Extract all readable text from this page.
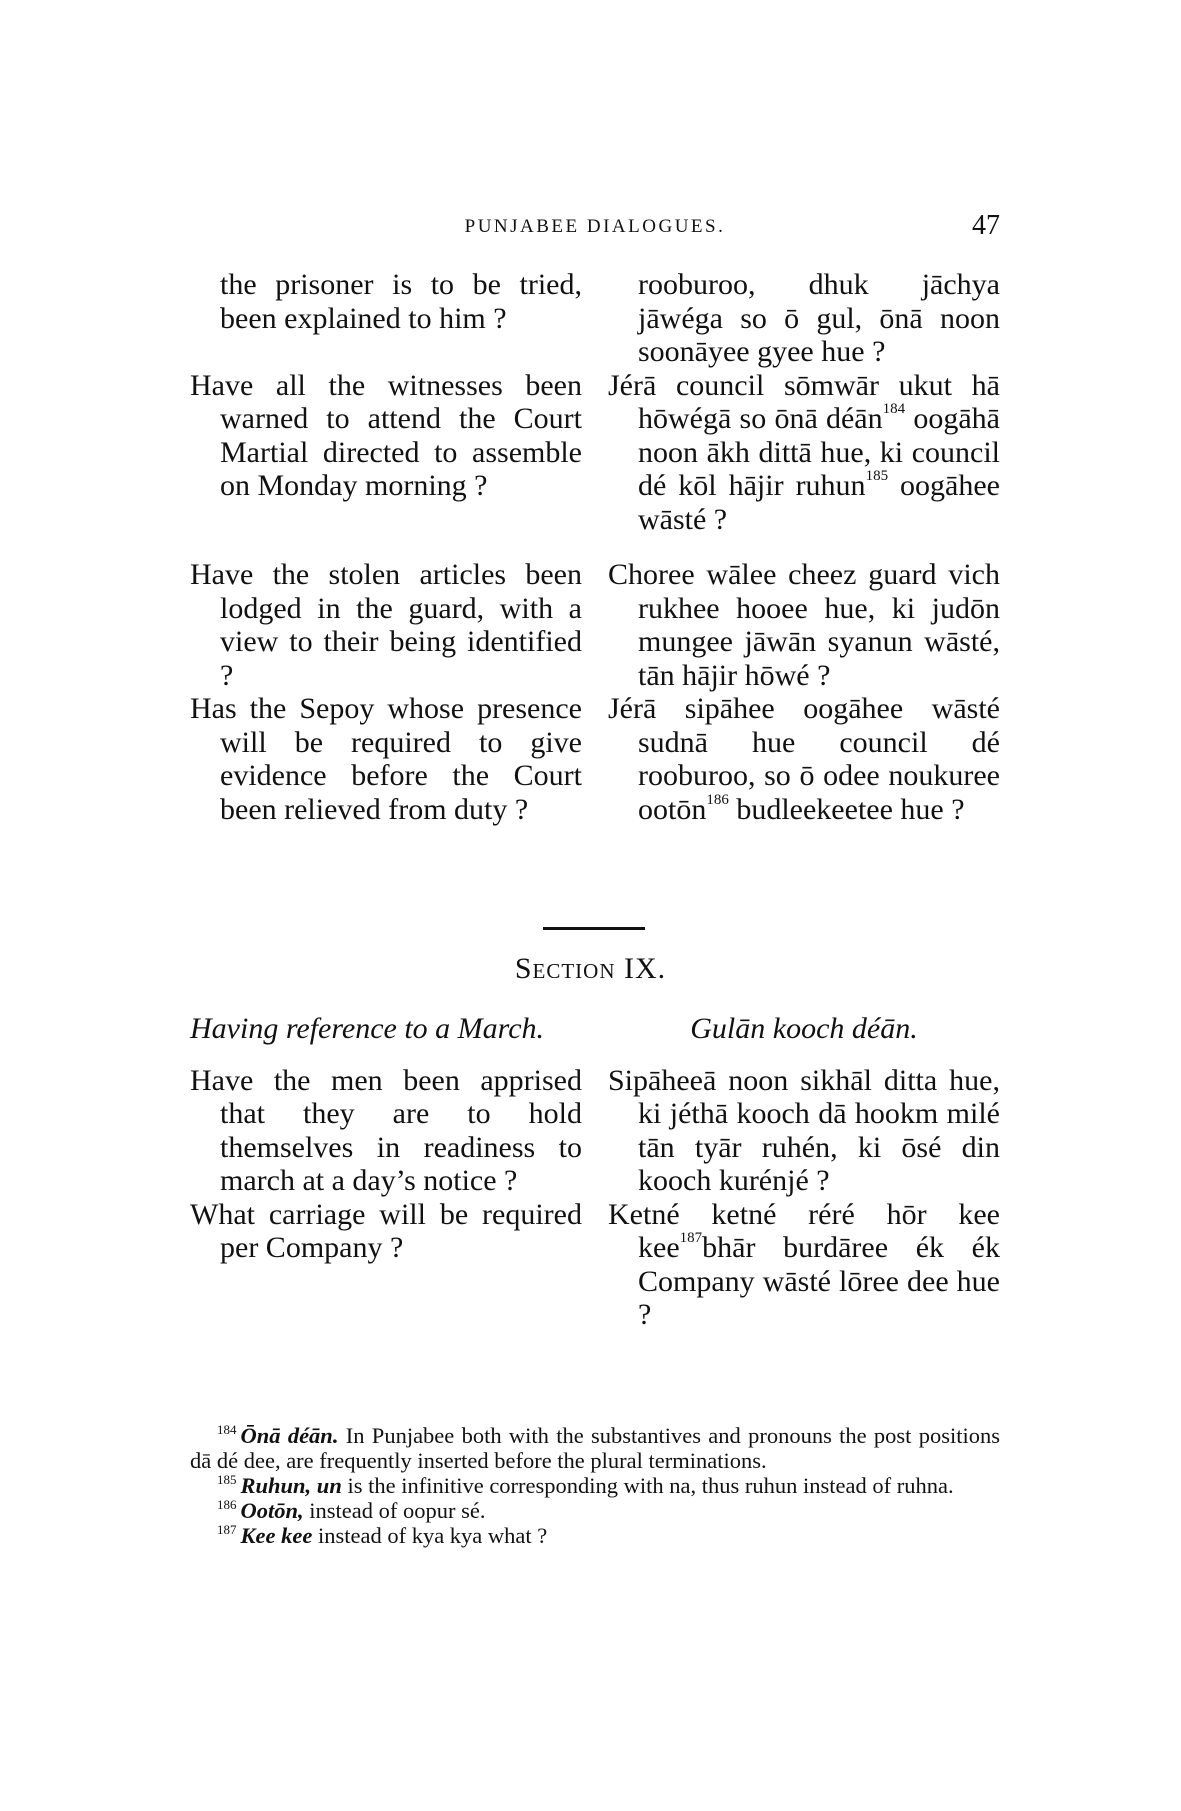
PUNJABEE DIALOGUES.	47
the prisoner is to be tried, been explained to him ?
rooburoo, dhuk jāchya jāwéga so ō gul, ōnā noon soonāyee gyee hue ?
Have all the witnesses been warned to attend the Court Martial directed to assemble on Monday morning ?
Jérā council sōmwār ukut hā hōwégā so ōnā déān$^{184}$ oogāhā noon ākh dittā hue, ki council dé kōl hājir ruhun$^{185}$ oogāhee wāsté ?
Have the stolen articles been lodged in the guard, with a view to their being identified ?
Choree wālee cheez guard vich rukhee hooee hue, ki judōn mungee jāwān syanun wāsté, tān hājir hōwé ?
Has the Sepoy whose presence will be required to give evidence before the Court been relieved from duty ?
Jérā sipāhee oogāhee wāsté sudnā hue council dé rooburoo, so ō odee noukuree ootōn$^{186}$ budleekeetee hue ?
Section IX.
Having reference to a March.	Gulān kooch déān.
Have the men been apprised that they are to hold themselves in readiness to march at a day’s notice ?
Sipāheeā noon sikhāl ditta hue, ki jéthā kooch dā hookm milé tān tyār ruhén, ki ōsé din kooch kurénjé ?
What carriage will be required per Company ?
Ketné ketné réré hōr kee kee$^{187}$bhār burdāree ék ék Company wāsté lōree dee hue ?
$^{184}$ Ōnā déān. In Punjabee both with the substantives and pronouns the post positions dā dé dee, are frequently inserted before the plural terminations.
$^{185}$ Ruhun, un is the infinitive corresponding with na, thus ruhun instead of ruhna.
$^{186}$ Ootōn, instead of oopur sé.
$^{187}$ Kee kee instead of kya kya what ?
